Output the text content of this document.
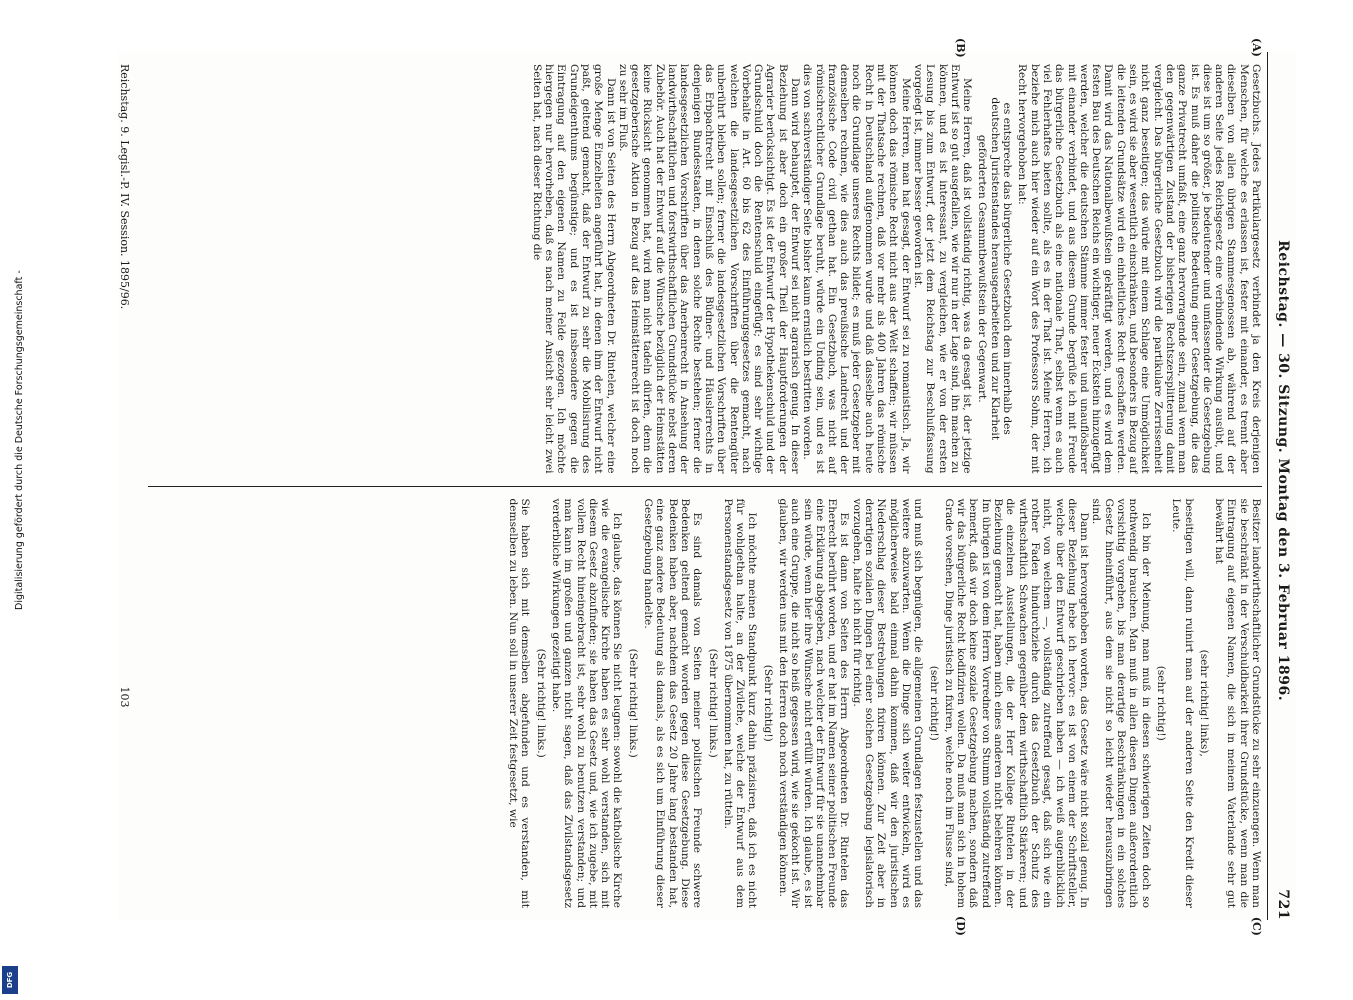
Digitalisierung gefördert durch die Deutsche Forschungsgemeinschaft -
DFG
Reichstag. — 30. Sitzung. Montag den 3. Februar 1896.
721
(A)
(B)

Gesetzbuchs. Jedes Partikulargesetz verbindet ja den Kreis derjenigen Menschen, für welche es erlassen ist, fester mit einander, es trennt aber dieselben von allen übrigen Stammesgenossen ab, während auf der anderen Seite jedes Reichsgesetz eine verbindende Wirkung ausübt, und diese ist um so größer, je bedeutender und umfassender die Gesetzgebung ist. Es muß daher die politische Bedeutung einer Gesetzgebung, die das ganze Privatrecht umfaßt, eine ganz hervorragende sein, zumal wenn man den gegenwärtigen Zustand der bisherigen Rechtszersplitterung damit vergleicht. Das bürgerliche Gesetzbuch wird die partikulare Zerrissenheit nicht ganz beseitigen; das würde mit einem Schlage eine Unmöglichkeit sein, es wird sie aber wesentlich einschränken, und besonders in Bezug auf die leitenden Grundsätze wird ein einheitliches Recht geschaffen werden. Damit wird das Nationalbewußtsein gekräftigt werden, und es wird dem festen Bau des Deutschen Reichs ein wichtiger, neuer Eckstein hinzugefügt werden, welcher die deutschen Stämme immer fester und unauflösbarer mit einander verbindet, und aus diesem Grunde begrüße ich mit Freude das bürgerliche Gesetzbuch als eine nationale That, selbst wenn es auch viel Fehlerhaftes bieten sollte, als es in der That ist. Meine Herren, ich beziehe mich auch hier wieder auf ein Wort des Professors Sohm, der mit Recht hervorgehoben hat:

es entspreche das bürgerliche Gesetzbuch dem innerhalb des deutschen Juristenstandes herausgearbeiteten und zur Klarheit geförderten Gesammtbewußtsein der Gegenwart.

Meine Herren, daß ist vollständig richtig, was da gesagt ist, der jetzige Entwurf ist so gut ausgefallen, wie wir nur in der Lage sind, ihn machen zu können, und es ist interessant, zu vergleichen, wie er von der ersten Lesung bis zum Entwurf, der jetzt dem Reichstag zur Beschlußfassung vorgelegt ist, immer besser geworden ist.

Meine Herren, man hat gesagt, der Entwurf sei zu romanistisch. Ja, wir können doch das römische Recht nicht aus der Welt schaffen; wir müssen mit der Thatsache rechnen, daß vor mehr als 400 Jahren das römische Recht in Deutschland aufgenommen wurde und daß dasselbe auch heute noch die Grundlage unseres Rechts bildet; es muß jeder Gesetzgeber mit demselben rechnen, wie dies auch das preußische Landrecht und der französische Code civil gethan hat. Ein Gesetzbuch, was nicht auf römischrechtlicher Grundlage beruht, würde ein Unding sein, und es ist dies von sachverständiger Seite bisher kaum ernstlich bestritten worden.

Dann wird behauptet, der Entwurf sei nicht agrarisch genug. In dieser Beziehung ist aber doch ein großer Theil der Hauptforderungen der Agrarier berücksichtigt. Es ist der Entwurf der Hypothekenschuld und der Grundschuld doch die Rentenschuld eingefügt; es sind sehr wichtige Vorbehalte in Art. 60 bis 62 des Einführungsgesetzes gemacht, nach welchen die landesgesetzlichen Vorschriften über die Rentengüter unberührt bleiben sollen; ferner die landesgesetzlichen Vorschriften über das Erbpachtrecht mit Einschluß des Büdner- und Häuslerrechts in denjenigen Bundesstaaten, in denen solche Rechte bestehen; ferner die landesgesetzlichen Vorschriften über das Anerbenrecht in Ansehung der landwirthschaftlichen und forstwirthschaftlichen Grundstücke nebst deren Zubehör. Auch hat der Entwurf auf die Wünsche bezüglich der Heimstätten keine Rücksicht genommen hat, wird man nicht tadeln dürfen, denn die gesetzgeberische Aktion in Bezug auf das Heimstättenrecht ist doch noch zu sehr im Fluß.

Dann ist von Seiten des Herrn Abgeordneten Dr. Rintelen, welcher eine große Menge Einzelheiten angeführt hat, in denen ihm der Entwurf nicht paßt, geltend gemacht, daß der Entwurf zu sehr die Mobilisirung des Grundeigenthums begünstige; und es ist insbesondere gegen die Eintragung auf den eigenen Namen zu Felde gezogen. Ich möchte hiergegen nur hervorheben, daß es nach meiner Ansicht sehr leicht zwei Seiten hat, nach dieser Richtung die

(C)
(D)

Besitzer landwirthschaftlicher Grundstücke zu sehr einzuengen. Wenn man sie beschränkt in der Verschuldbarkeit ihrer Grundstücke, wenn man die Eintragung auf eigenen Namen, die sich in meinem Vaterlande sehr gut bewährt hat

(sehr richtig! links),

beseitigen will, dann ruinirt man auf der anderen Seite den Kredit dieser Leute.

(sehr richtig!)

Ich bin der Meinung, man muß in diesen schwierigen Zeiten doch so nothwendig brauchen. Man muß in allen diesen Dingen außerordentlich vorsichtig vorgehen, bis man derartige Beschränkungen in ein solches Gesetz hineinführt, aus dem sie nicht so leicht wieder herauszubringen sind.

Dann ist hervorgehoben worden, das Gesetz wäre nicht sozial genug. In dieser Beziehung hebe ich hervor: es ist von einem der Schriftsteller, welche über den Entwurf geschrieben haben — ich weiß augenblicklich nicht, von welchem —, vollständig zutreffend gesagt, daß sich wie ein rother Faden hindurchziehe durch das Gesetzbuch der Schutz des wirthschaftlich Schwachen gegenüber dem wirthschaftlich Stärkeren; und die einzelnen Ausstellungen, die der Herr Kollege Rintelen in der Beziehung gemacht hat, haben mich eines anderen nicht belehren können. Im übrigen ist von dem Herrn Vorredner von Stumm vollständig zutreffend bemerkt, daß wir doch keine soziale Gesetzgebung machen, sondern daß wir das bürgerliche Recht kodifiziren wollen. Da muß man sich in hohem Grade vorsehen, Dinge juristisch zu fixiren, welche noch im Flusse sind,

(sehr richtig!)

und muß sich begnügen, die allgemeinen Grundlagen festzustellen und das weitere abzuwarten. Wenn die Dinge sich weiter entwickeln, wird es möglicherweise bald einmal dahin kommen, daß wir den juristischen Niederschlag dieser Bestrebungen fixiren können. Zur Zeit aber in derartigen sozialen Dingen bei einer solchen Gesetzgebung legislatorisch vorzugehen, halte ich nicht für richtig.

Es ist dann von Seiten des Herrn Abgeordneten Dr. Rintelen das Eherecht berührt worden, und er hat im Namen seiner politischen Freunde eine Erklärung abgegeben, nach welcher der Entwurf für sie unannehmbar sein würde, wenn hier ihre Wünsche nicht erfüllt würden. Ich glaube, es ist auch eine Gruppe, die nicht so heiß gegessen wird, wie sie gekocht ist. Wir glauben, wir werden uns mit den Herren doch noch verständigen können.

(Sehr richtig!)

Ich möchte meinen Standpunkt kurz dahin präzisiren, daß ich es nicht für wohlgethan halte, an der Zivilehe, welche der Entwurf aus dem Personenstandsgesetz von 1875 übernommen hat, zu rütteln.

(Sehr richtig! links.)

Es sind damals von Seiten meiner politischen Freunde schwere Bedenken geltend gemacht worden gegen diese Gesetzgebung. Diese Bedenken haben aber, nachdem das Gesetz 20 Jahre lang bestanden hat, eine ganz andere Bedeutung als damals, als es sich um Einführung dieser Gesetzgebung handelte.

(Sehr richtig! links.)

Ich glaube, das können Sie nicht leugnen: sowohl die katholische Kirche wie die evangelische Kirche haben es sehr wohl verstanden, sich mit diesem Gesetz abzufinden; sie haben das Gesetz und, wie ich zugebe, mit vollem Recht hineingebracht ist, sehr wohl zu benutzen verstanden; und man kann im großen und ganzen nicht sagen, daß das Zivilstandsgesetz verderbliche Wirkungen gezeitigt habe.

(Sehr richtig! links.)

Sie haben sich mit demselben abgefunden und es verstanden, mit demselben zu leben. Nun soll in unserer Zeit festgesetzt, wie

Reichstag. 9. Legisl.-P. IV. Session. 1895/96.
103
